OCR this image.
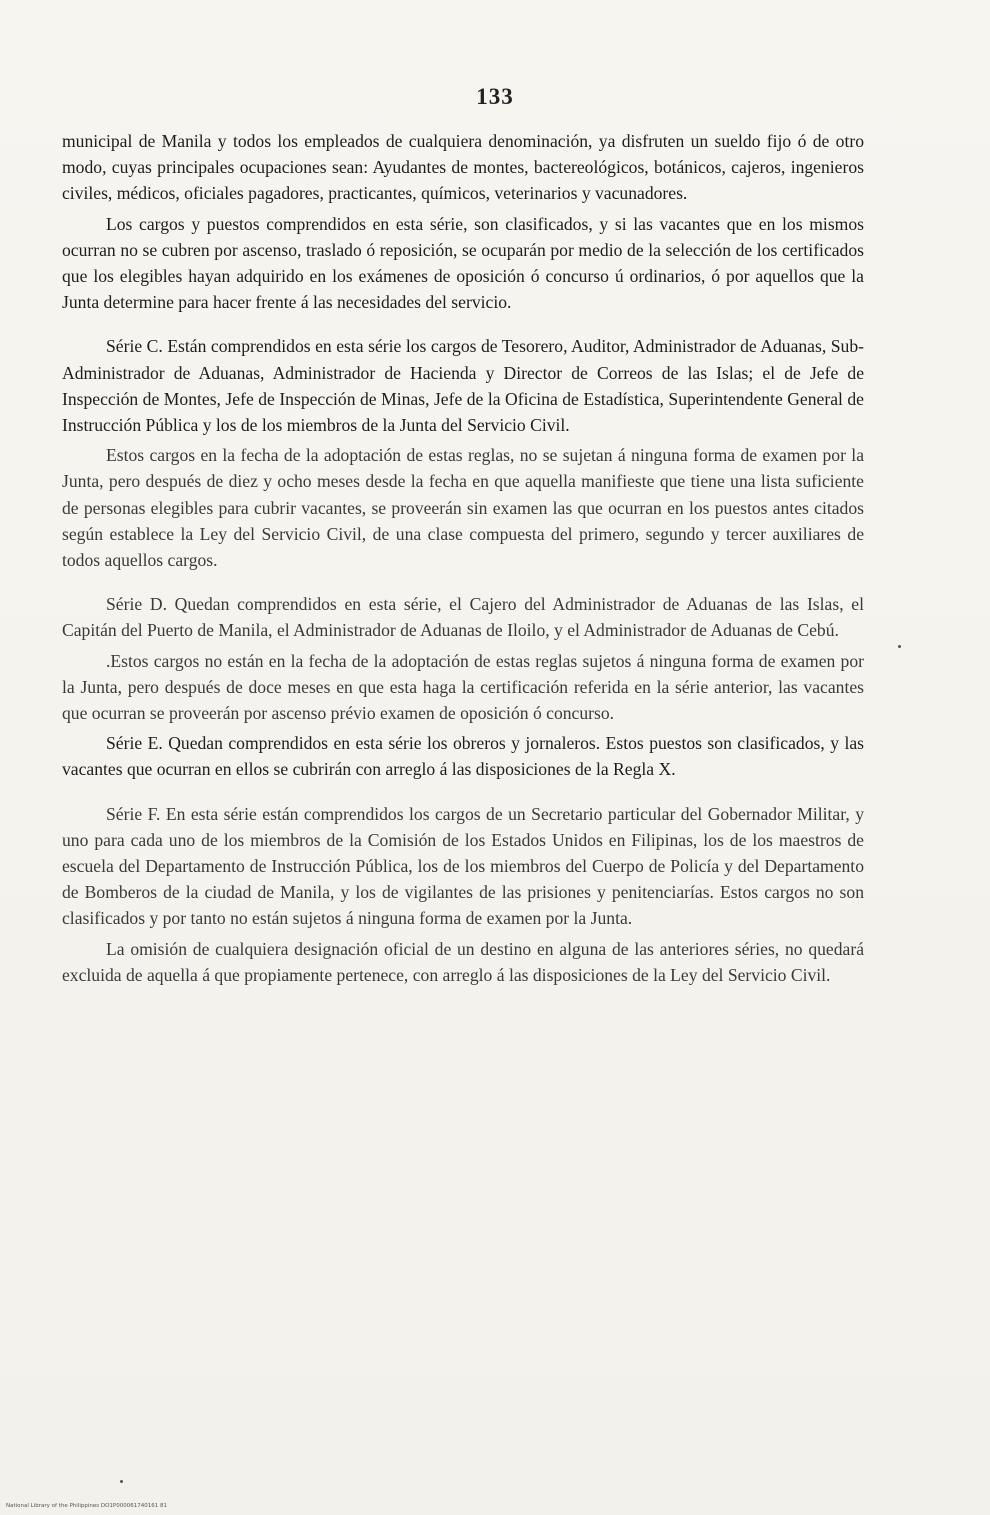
133

municipal de Manila y todos los empleados de cualquiera denominación, ya disfruten un sueldo fijo ó de otro modo, cuyas principales ocupaciones sean: Ayudantes de montes, bactereológicos, botánicos, cajeros, ingenieros civiles, médicos, oficiales pagadores, practicantes, químicos, veterinarios y vacunadores.

Los cargos y puestos comprendidos en esta série, son clasificados, y si las vacantes que en los mismos ocurran no se cubren por ascenso, traslado ó reposición, se ocuparán por medio de la selección de los certificados que los elegibles hayan adquirido en los exámenes de oposición ó concurso ú ordinarios, ó por aquellos que la Junta determine para hacer frente á las necesidades del servicio.

Série C. Están comprendidos en esta série los cargos de Tesorero, Auditor, Administrador de Aduanas, Sub-Administrador de Aduanas, Administrador de Hacienda y Director de Correos de las Islas; el de Jefe de Inspección de Montes, Jefe de Inspección de Minas, Jefe de la Oficina de Estadística, Superintendente General de Instrucción Pública y los de los miembros de la Junta del Servicio Civil.

Estos cargos en la fecha de la adoptación de estas reglas, no se sujetan á ninguna forma de examen por la Junta, pero después de diez y ocho meses desde la fecha en que aquella manifieste que tiene una lista suficiente de personas elegibles para cubrir vacantes, se proveerán sin examen las que ocurran en los puestos antes citados según establece la Ley del Servicio Civil, de una clase compuesta del primero, segundo y tercer auxiliares de todos aquellos cargos.

Série D. Quedan comprendidos en esta série, el Cajero del Administrador de Aduanas de las Islas, el Capitán del Puerto de Manila, el Administrador de Aduanas de Iloilo, y el Administrador de Aduanas de Cebú.

.Estos cargos no están en la fecha de la adoptación de estas reglas sujetos á ninguna forma de examen por la Junta, pero después de doce meses en que esta haga la certificación referida en la série anterior, las vacantes que ocurran se proveerán por ascenso prévio examen de oposición ó concurso.

Série E. Quedan comprendidos en esta série los obreros y jornaleros. Estos puestos son clasificados, y las vacantes que ocurran en ellos se cubrirán con arreglo á las disposiciones de la Regla X.

Série F. En esta série están comprendidos los cargos de un Secretario particular del Gobernador Militar, y uno para cada uno de los miembros de la Comisión de los Estados Unidos en Filipinas, los de los maestros de escuela del Departamento de Instrucción Pública, los de los miembros del Cuerpo de Policía y del Departamento de Bomberos de la ciudad de Manila, y los de vigilantes de las prisiones y penitenciarías. Estos cargos no son clasificados y por tanto no están sujetos á ninguna forma de examen por la Junta.

La omisión de cualquiera designación oficial de un destino en alguna de las anteriores séries, no quedará excluida de aquella á que propiamente pertenece, con arreglo á las disposiciones de la Ley del Servicio Civil.

National Library of the Philippines DO1P000061740161 81
